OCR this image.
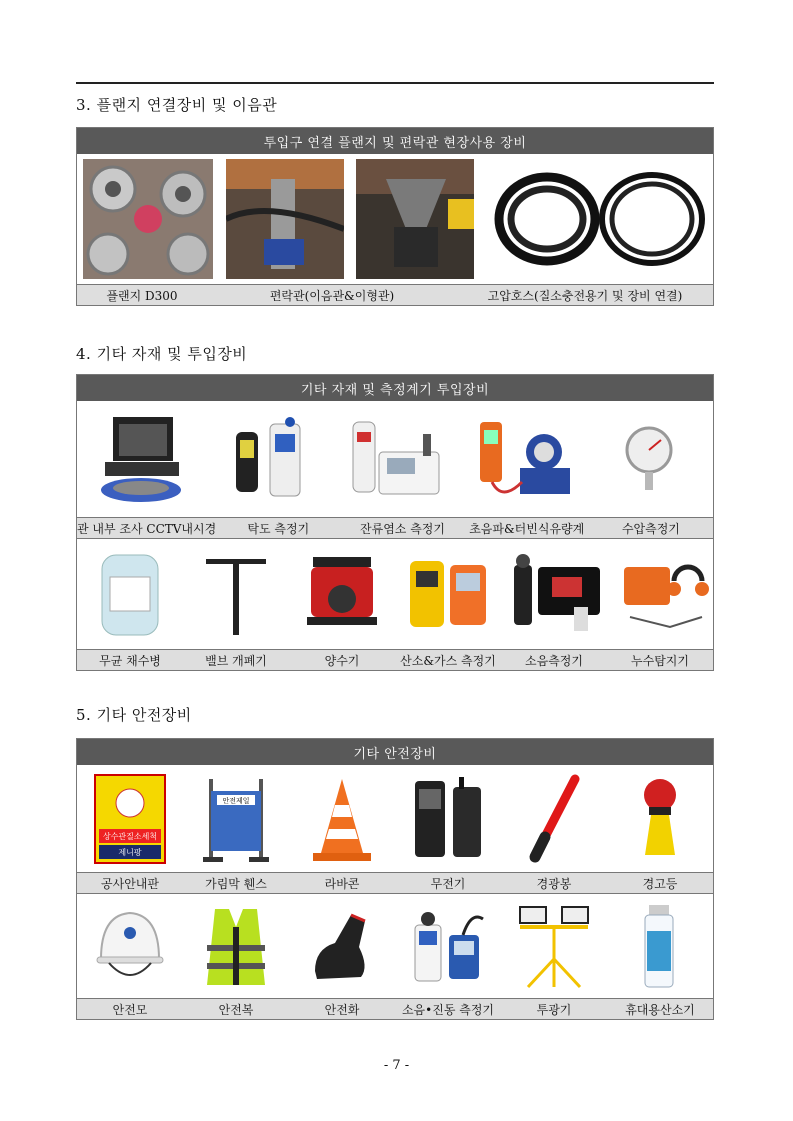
3. 플랜지 연결장비 및 이음관
투입구 연결 플랜지 및 편락관 현장사용 장비
플랜지 D300	편락관(이음관&이형관)	고압호스(질소충전용기 및 장비 연결)
4. 기타 자재 및 투입장비
기타 자재 및 측정계기 투입장비
관 내부 조사 CCTV내시경	탁도 측정기	잔류염소 측정기	초음파&터빈식유량계	수압측정기
무균 채수병	밸브 개폐기	양수기	산소&가스 측정기	소음측정기	누수탐지기
5. 기타 안전장비
기타 안전장비
상수관질소세척
제니팡
안전제일
공사안내판	가림막 휀스	라바콘	무전기	경광봉	경고등
안전모	안전복	안전화	소음•진동 측정기	투광기	휴대용산소기
- 7 -
